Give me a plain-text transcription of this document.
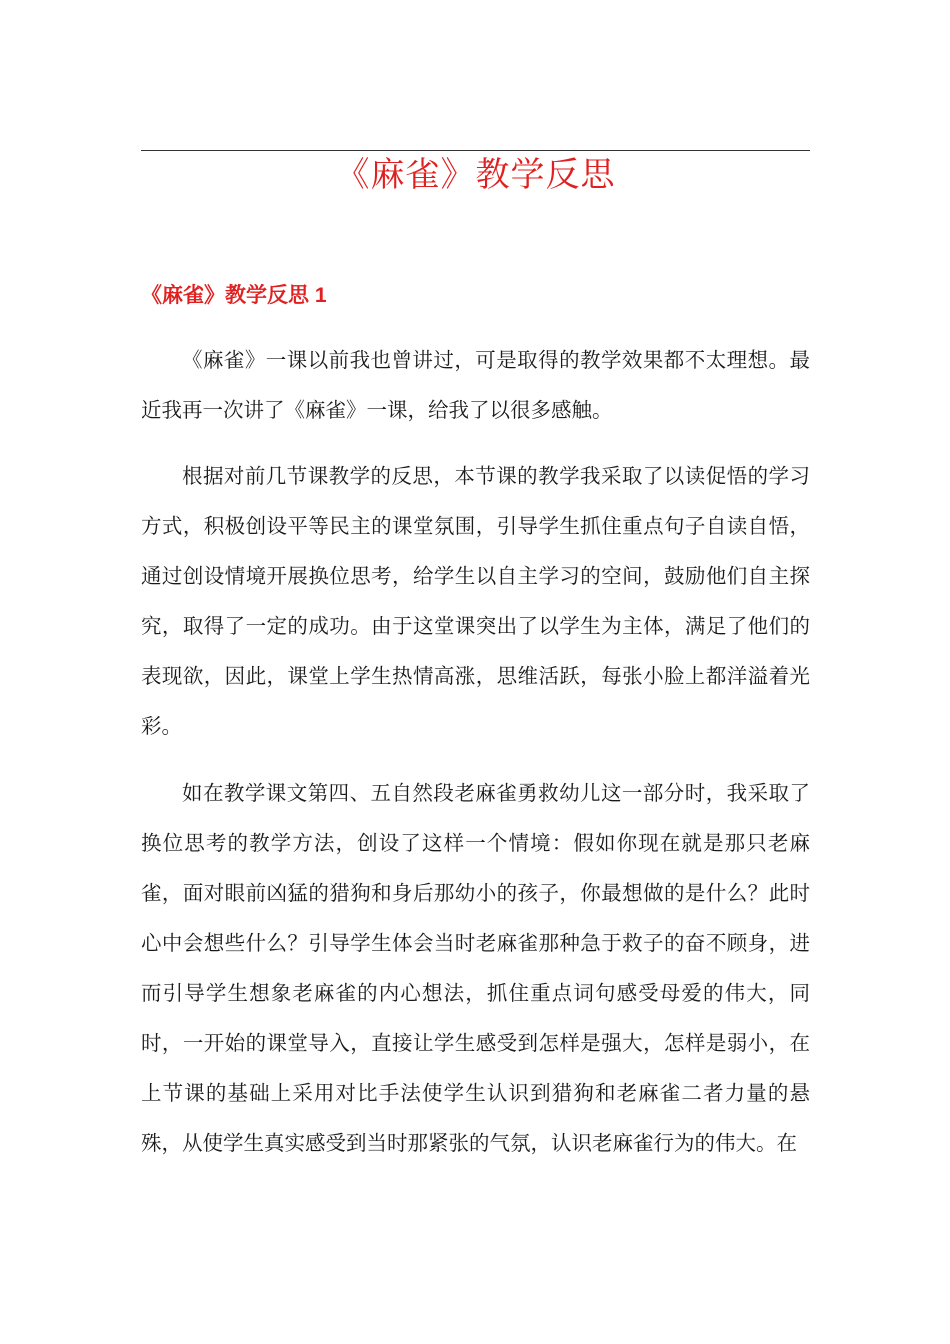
《麻雀》教学反思
《麻雀》教学反思 1

《麻雀》一课以前我也曾讲过，可是取得的教学效果都不太理想。最近我再一次讲了《麻雀》一课，给我了以很多感触。

根据对前几节课教学的反思，本节课的教学我采取了以读促悟的学习方式，积极创设平等民主的课堂氛围，引导学生抓住重点句子自读自悟，通过创设情境开展换位思考，给学生以自主学习的空间，鼓励他们自主探究，取得了一定的成功。由于这堂课突出了以学生为主体，满足了他们的表现欲，因此，课堂上学生热情高涨，思维活跃，每张小脸上都洋溢着光彩。

如在教学课文第四、五自然段老麻雀勇救幼儿这一部分时，我采取了换位思考的教学方法，创设了这样一个情境：假如你现在就是那只老麻雀，面对眼前凶猛的猎狗和身后那幼小的孩子，你最想做的是什么？此时心中会想些什么？引导学生体会当时老麻雀那种急于救子的奋不顾身，进而引导学生想象老麻雀的内心想法，抓住重点词句感受母爱的伟大，同时，一开始的课堂导入，直接让学生感受到怎样是强大，怎样是弱小，在上节课的基础上采用对比手法使学生认识到猎狗和老麻雀二者力量的悬殊，从使学生真实感受到当时那紧张的气氛，认识老麻雀行为的伟大。在
